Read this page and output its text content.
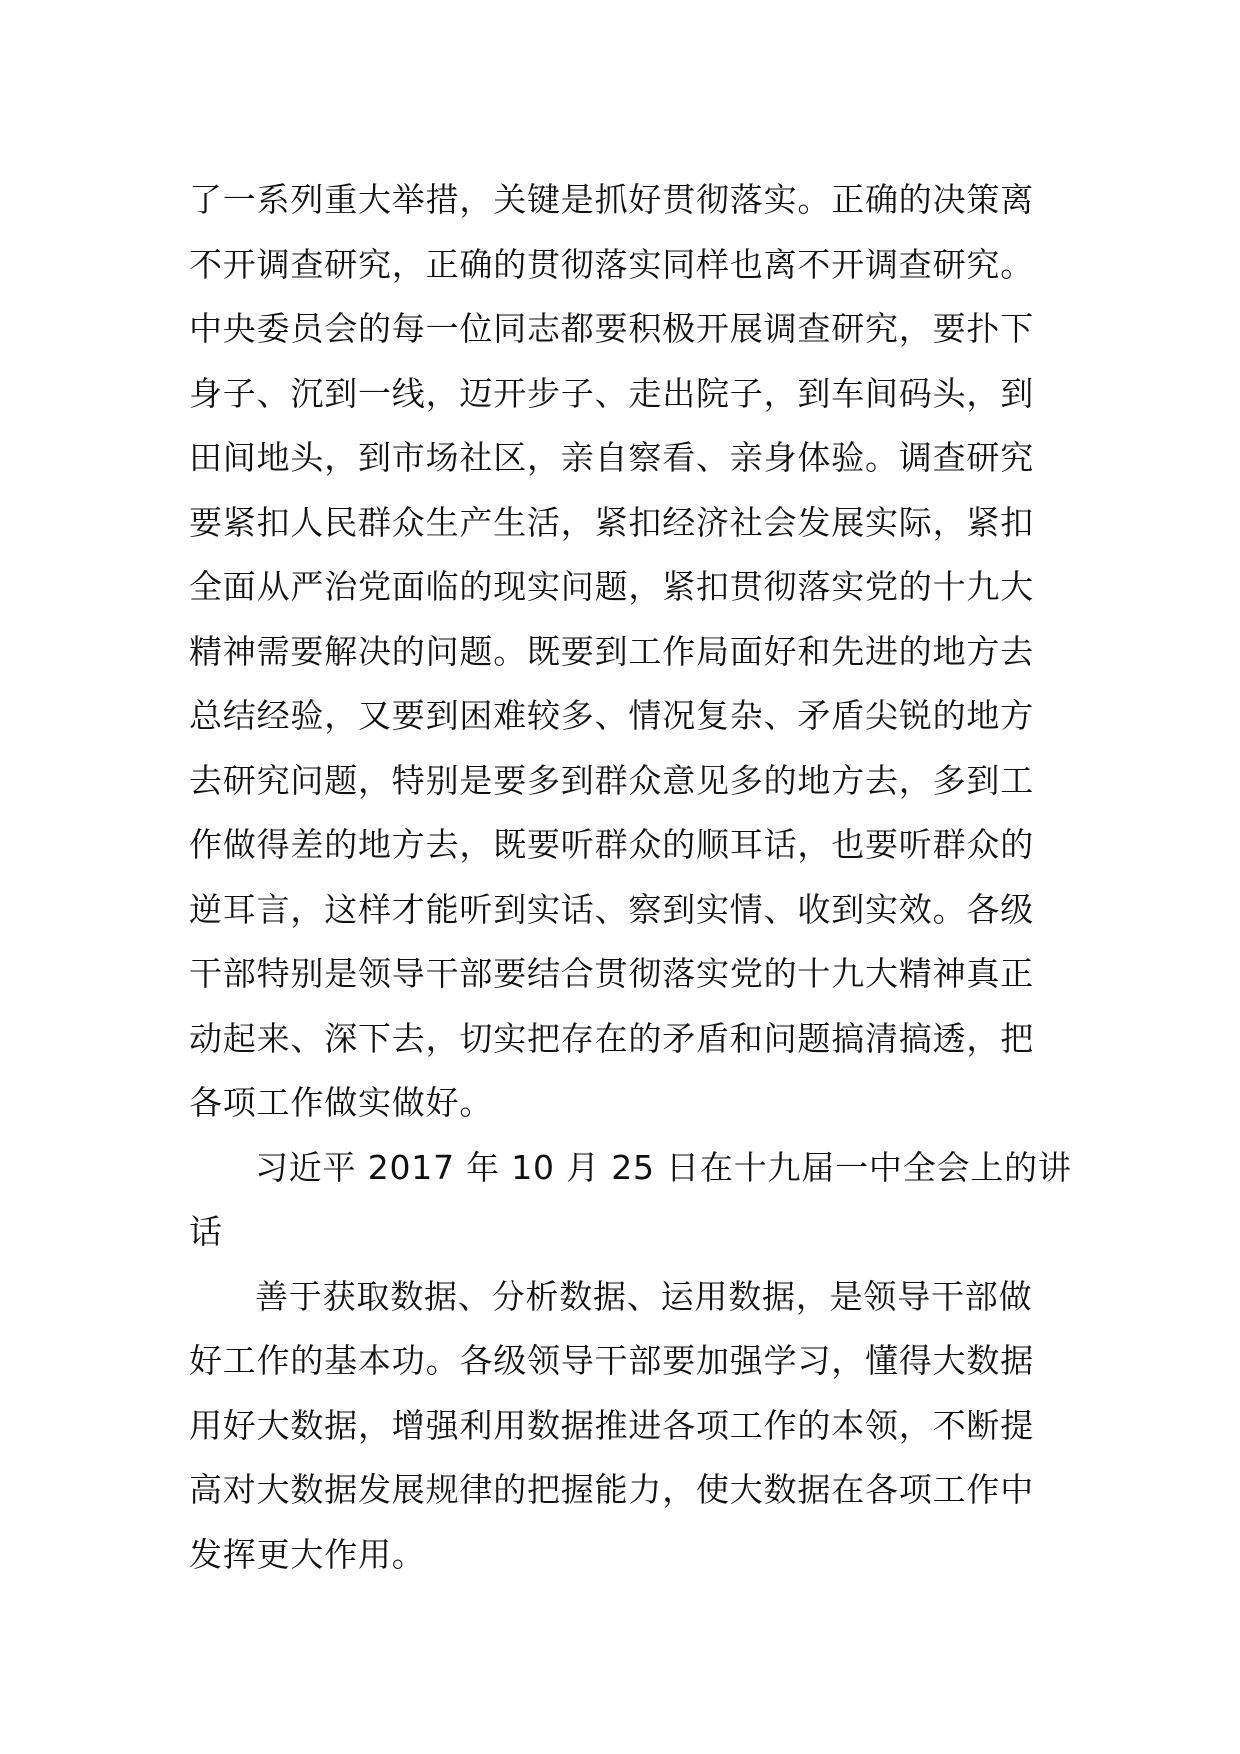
了一系列重大举措，关键是抓好贯彻落实。正确的决策离
不开调查研究，正确的贯彻落实同样也离不开调查研究。
中央委员会的每一位同志都要积极开展调查研究，要扑下
身子、沉到一线，迈开步子、走出院子，到车间码头，到
田间地头，到市场社区，亲自察看、亲身体验。调查研究
要紧扣人民群众生产生活，紧扣经济社会发展实际，紧扣
全面从严治党面临的现实问题，紧扣贯彻落实党的十九大
精神需要解决的问题。既要到工作局面好和先进的地方去
总结经验，又要到困难较多、情况复杂、矛盾尖锐的地方
去研究问题，特别是要多到群众意见多的地方去，多到工
作做得差的地方去，既要听群众的顺耳话，也要听群众的
逆耳言，这样才能听到实话、察到实情、收到实效。各级
干部特别是领导干部要结合贯彻落实党的十九大精神真正
动起来、深下去，切实把存在的矛盾和问题搞清搞透，把
各项工作做实做好。
习近平 2017 年 10 月 25 日在十九届一中全会上的讲
话
善于获取数据、分析数据、运用数据，是领导干部做
好工作的基本功。各级领导干部要加强学习，懂得大数据
用好大数据，增强利用数据推进各项工作的本领，不断提
高对大数据发展规律的把握能力，使大数据在各项工作中
发挥更大作用。
